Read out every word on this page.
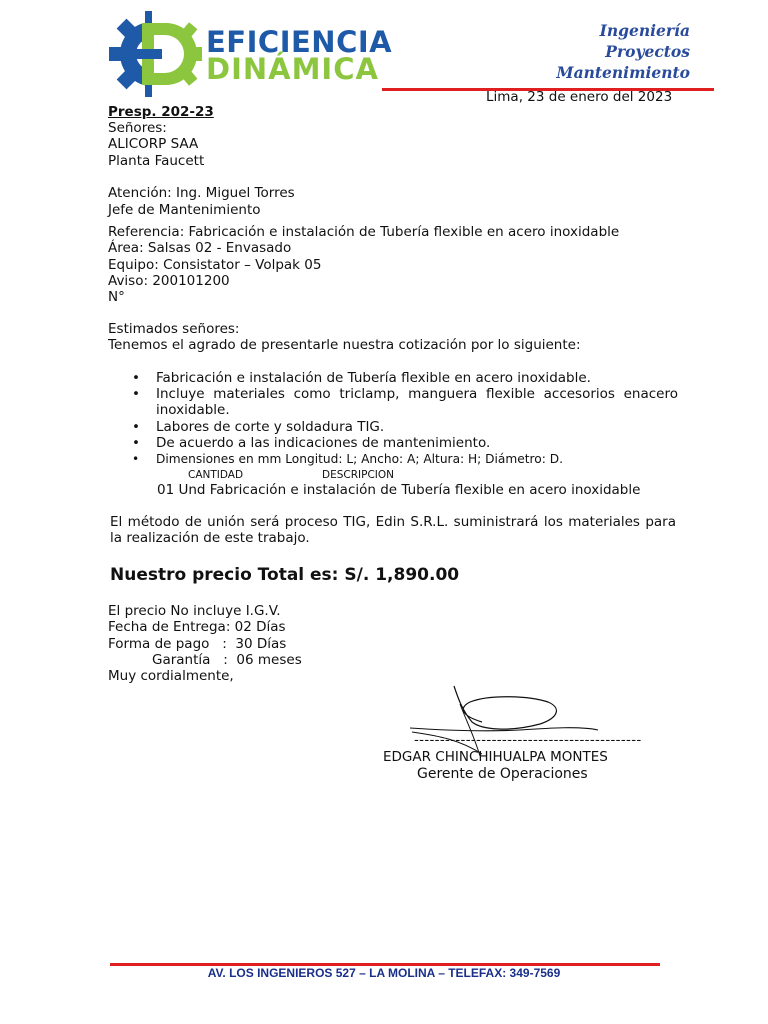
EFICIENCIA
DINÁMICA
Ingeniería
Proyectos
Mantenimiento
Lima, 23 de enero del 2023
Presp. 202-23
Señores:
ALICORP SAA
Planta Faucett
Atención: Ing. Miguel Torres
Jefe de Mantenimiento
Referencia: Fabricación e instalación de Tubería flexible en acero inoxidable
Área: Salsas 02 - Envasado
Equipo: Consistator – Volpak 05
Aviso: 200101200
N°
Estimados señores:
Tenemos el agrado de presentarle nuestra cotización por lo siguiente:
• Fabricación e instalación de Tubería flexible en acero inoxidable.
• Incluye materiales como triclamp, manguera flexible accesorios enacero inoxidable.
• Labores de corte y soldadura TIG.
• De acuerdo a las indicaciones de mantenimiento.
• Dimensiones en mm Longitud: L; Ancho: A; Altura: H; Diámetro: D.
CANTIDAD	DESCRIPCION
01 Und Fabricación e instalación de Tubería flexible en acero inoxidable
El método de unión será proceso TIG, Edin S.R.L. suministrará los materiales para la realización de este trabajo.
Nuestro precio Total es: S/. 1,890.00
El precio No incluye I.G.V.
Fecha de Entrega: 02 Días
Forma de pago   :  30 Días
Garantía   :  06 meses
Muy cordialmente,
--------------------------------------------
EDGAR CHINCHIHUALPA MONTES
Gerente de Operaciones
AV. LOS INGENIEROS 527 – LA MOLINA – TELEFAX: 349-7569
